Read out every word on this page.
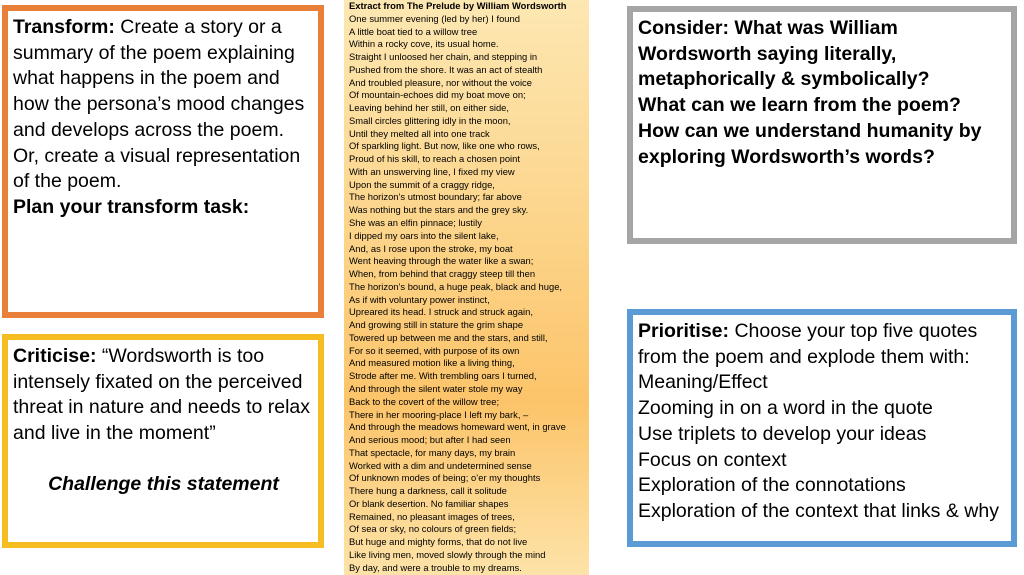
Transform: Create a story or a summary of the poem explaining what happens in the poem and how the persona’s mood changes and develops across the poem. Or, create a visual representation of the poem.
Plan your transform task:
Criticise: “Wordsworth is too intensely fixated on the perceived threat in nature and needs to relax and live in the moment”
Challenge this statement
Extract from The Prelude by William Wordsworth
One summer evening (led by her) I found
A little boat tied to a willow tree
Within a rocky cove, its usual home.
Straight I unloosed her chain, and stepping in
Pushed from the shore. It was an act of stealth
And troubled pleasure, nor without the voice
Of mountain-echoes did my boat move on;
Leaving behind her still, on either side,
Small circles glittering idly in the moon,
Until they melted all into one track
Of sparkling light. But now, like one who rows,
Proud of his skill, to reach a chosen point
With an unswerving line, I fixed my view
Upon the summit of a craggy ridge,
The horizon’s utmost boundary; far above
Was nothing but the stars and the grey sky.
She was an elfin pinnace; lustily
I dipped my oars into the silent lake,
And, as I rose upon the stroke, my boat
Went heaving through the water like a swan;
When, from behind that craggy steep till then
The horizon’s bound, a huge peak, black and huge,
As if with voluntary power instinct,
Upreared its head. I struck and struck again,
And growing still in stature the grim shape
Towered up between me and the stars, and still,
For so it seemed, with purpose of its own
And measured motion like a living thing,
Strode after me. With trembling oars I turned,
And through the silent water stole my way
Back to the covert of the willow tree;
There in her mooring-place I left my bark, –
And through the meadows homeward went, in grave
And serious mood; but after I had seen
That spectacle, for many days, my brain
Worked with a dim and undetermined sense
Of unknown modes of being; o’er my thoughts
There hung a darkness, call it solitude
Or blank desertion. No familiar shapes
Remained, no pleasant images of trees,
Of sea or sky, no colours of green fields;
But huge and mighty forms, that do not live
Like living men, moved slowly through the mind
By day, and were a trouble to my dreams.
Consider: What was William Wordsworth saying literally, metaphorically & symbolically?
What can we learn from the poem?
How can we understand humanity by exploring Wordsworth’s words?
Prioritise: Choose your top five quotes from the poem and explode them with:
Meaning/Effect
Zooming in on a word in the quote
Use triplets to develop your ideas
Focus on context
Exploration of the connotations
Exploration of the context that links & why
